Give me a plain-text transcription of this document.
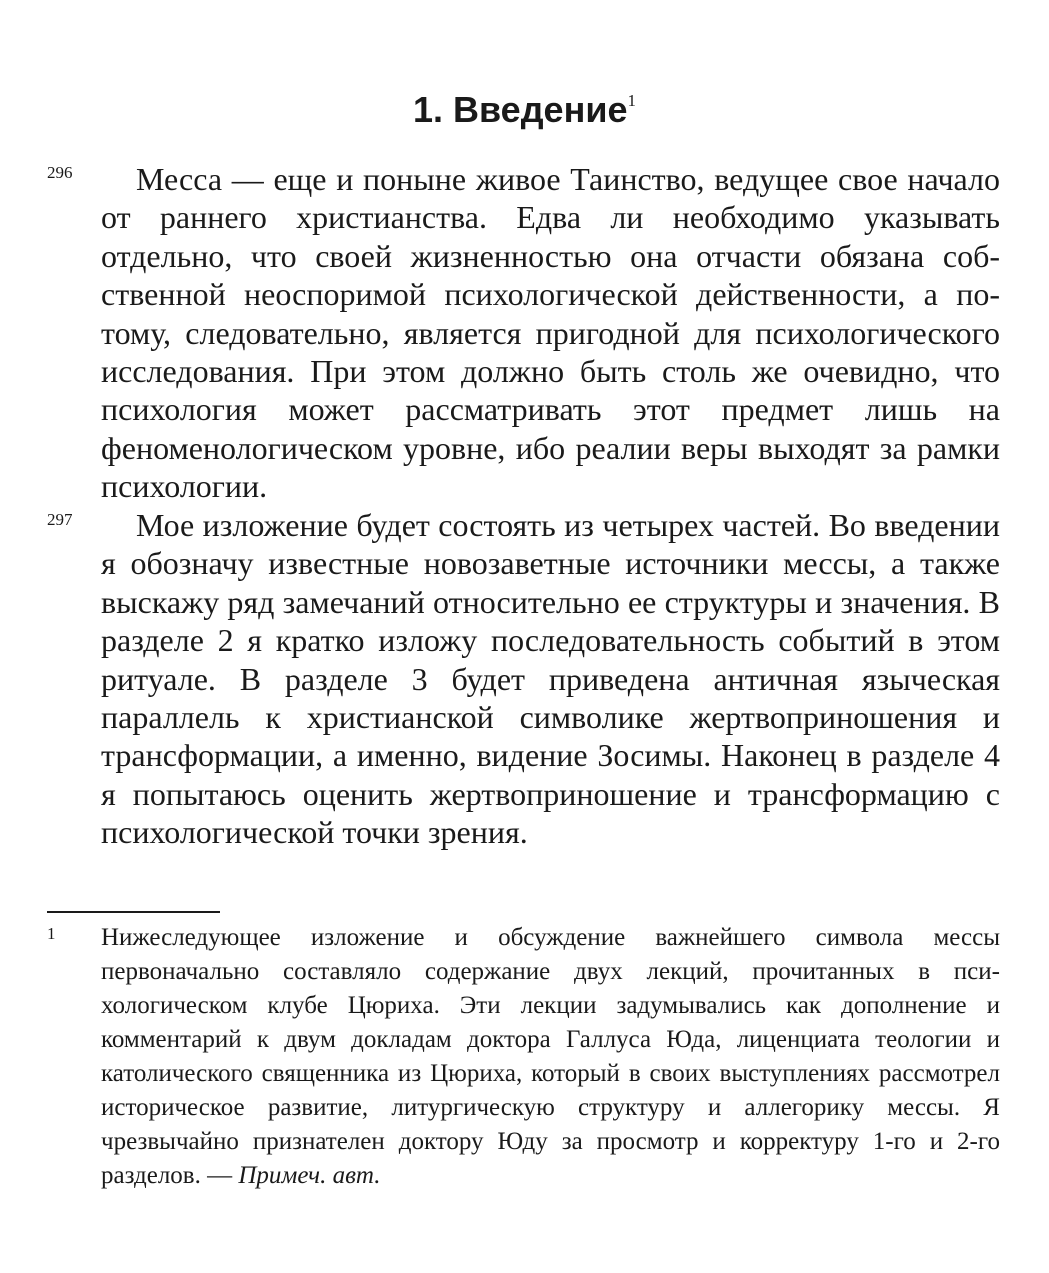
1. Введение$^1$
296	Месса — еще и поныне живое Таинство, ведущее свое начало от раннего христианства. Едва ли необходимо указывать отдельно, что своей жизненностью она отчасти обязана собственной неоспоримой психологической действенности, а потому, следовательно, является пригодной для психологического исследования. При этом должно быть столь же очевидно, что психология может рассматривать этот предмет лишь на феноменологическом уровне, ибо реалии веры выходят за рамки психологии.

297	Мое изложение будет состоять из четырех частей. Во введении я обозначу известные новозаветные источники мессы, а также выскажу ряд замечаний относительно ее структуры и значения. В разделе 2 я кратко изложу последовательность событий в этом ритуале. В разделе 3 будет приведена античная языческая параллель к христианской символике жертвоприношения и трансформации, а именно, видение Зосимы. Наконец в разделе 4 я попытаюсь оценить жертвоприношение и трансформацию с психологической точки зрения.

1 Нижеследующее изложение и обсуждение важнейшего символа мессы первоначально составляло содержание двух лекций, прочитанных в психологическом клубе Цюриха. Эти лекции задумывались как дополнение и комментарий к двум докладам доктора Галлуса Юда, лиценциата теологии и католического священника из Цюриха, который в своих выступлениях рассмотрел историческое развитие, литургическую структуру и аллегорику мессы. Я чрезвычайно признателен доктору Юду за просмотр и корректуру 1-го и 2-го разделов. — Примеч. авт.
